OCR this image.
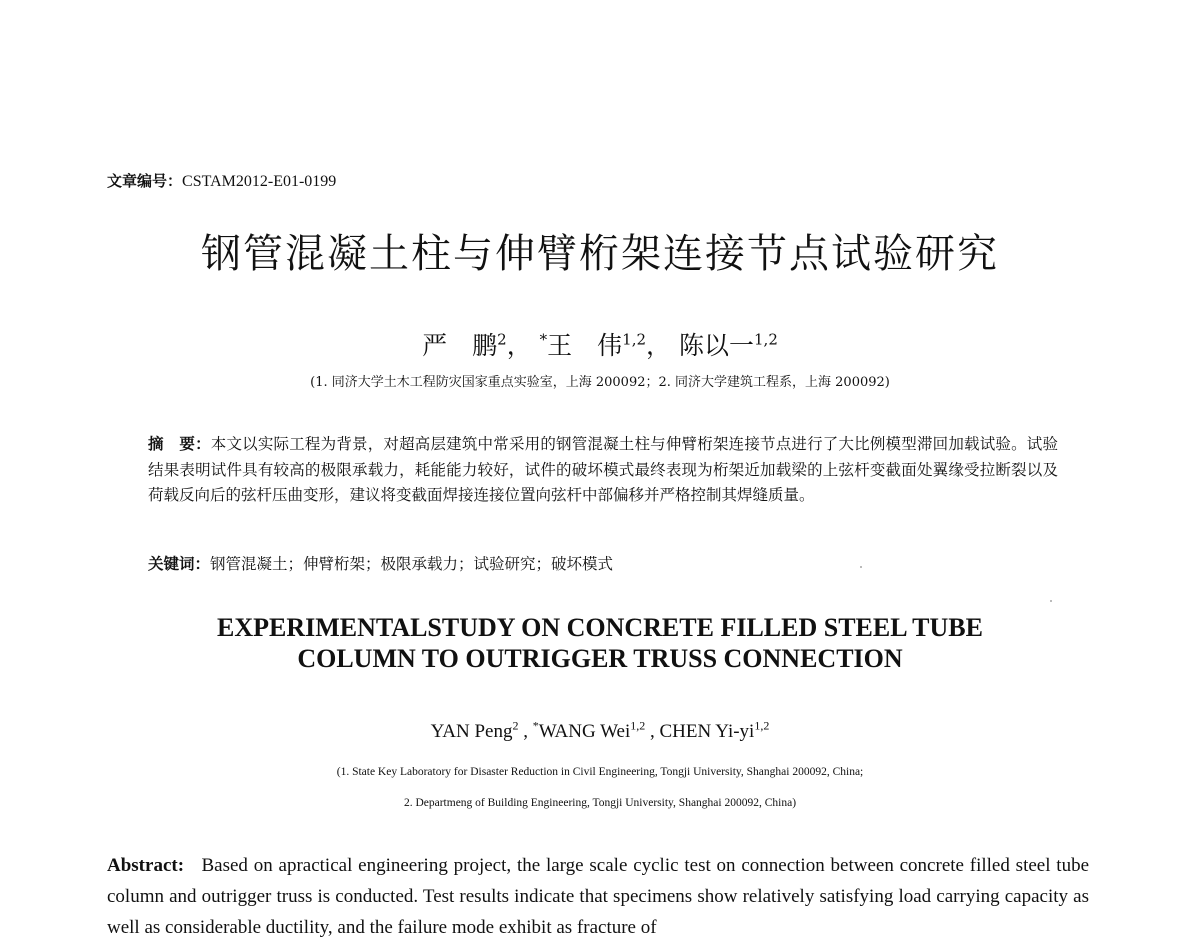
文章编号：CSTAM2012-E01-0199
钢管混凝土柱与伸臂桁架连接节点试验研究
严　鹏$^2$， *王　伟$^{1,2}$， 陈以一$^{1,2}$
(1. 同济大学土木工程防灾国家重点实验室，上海 200092；2. 同济大学建筑工程系，上海 200092)
摘　要：本文以实际工程为背景，对超高层建筑中常采用的钢管混凝土柱与伸臂桁架连接节点进行了大比例模型滞回加载试验。试验结果表明试件具有较高的极限承载力，耗能能力较好，试件的破坏模式最终表现为桁架近加载梁的上弦杆变截面处翼缘受拉断裂以及荷载反向后的弦杆压曲变形，建议将变截面焊接连接位置向弦杆中部偏移并严格控制其焊缝质量。
关键词：钢管混凝土；伸臂桁架；极限承载力；试验研究；破坏模式
EXPERIMENTALSTUDY ON CONCRETE FILLED STEEL TUBE
COLUMN TO OUTRIGGER TRUSS CONNECTION
YAN Peng$^2$ , *WANG Wei$^{1,2}$ , CHEN Yi-yi$^{1,2}$
(1. State Key Laboratory for Disaster Reduction in Civil Engineering, Tongji University, Shanghai 200092, China;
2. Departmeng of Building Engineering, Tongji University, Shanghai 200092, China)
Abstract: Based on apractical engineering project, the large scale cyclic test on connection between concrete filled steel tube column and outrigger truss is conducted. Test results indicate that specimens show relatively satisfying load carrying capacity as well as considerable ductility, and the failure mode exhibit as fracture of
